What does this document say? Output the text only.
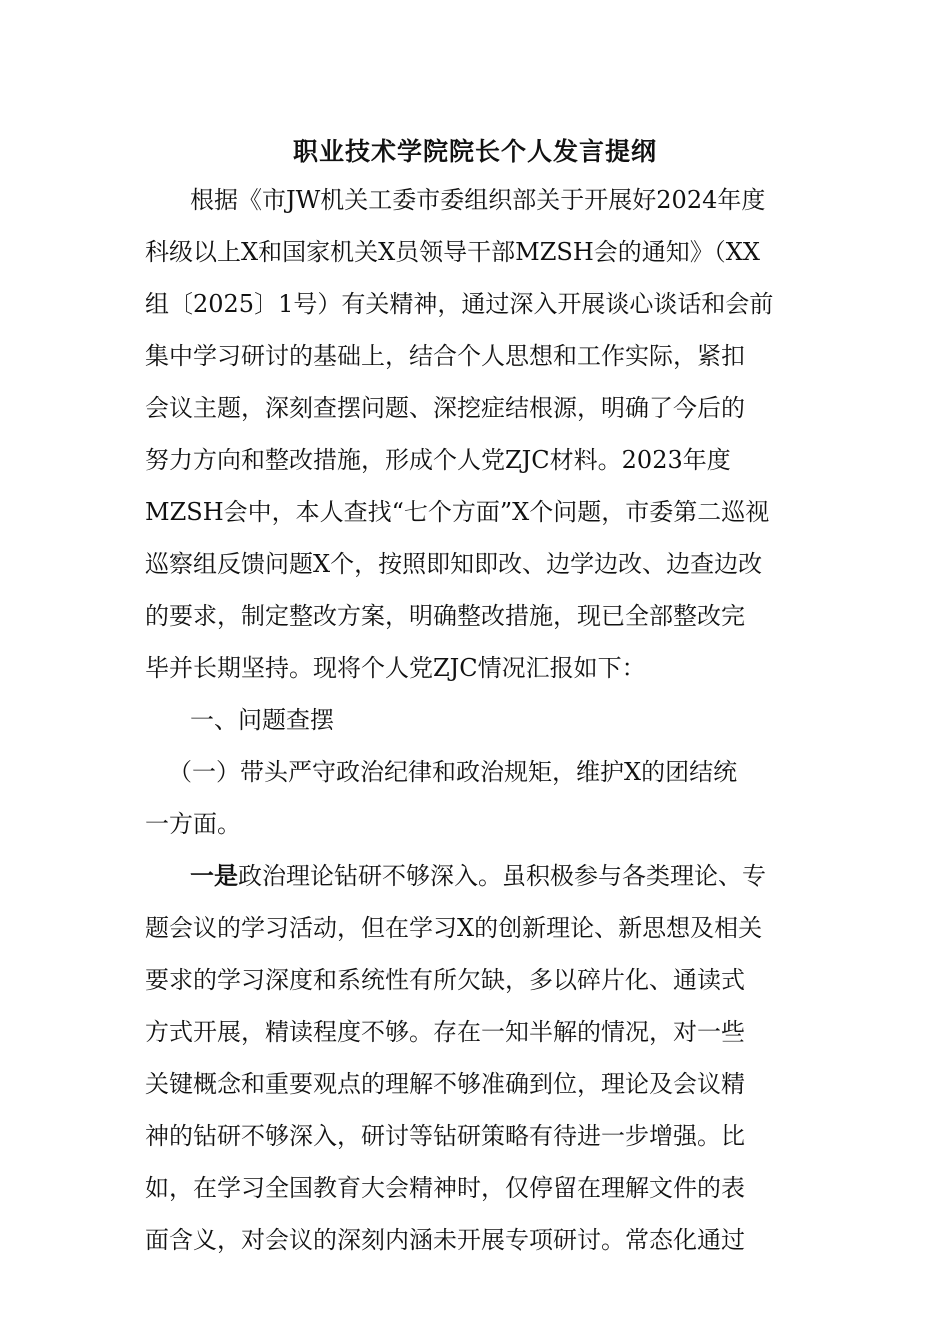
职业技术学院院长个人发言提纲
根据《市JW机关工委市委组织部关于开展好2024年度
科级以上X和国家机关X员领导干部MZSH会的通知》（XX
组〔2025〕1号）有关精神，通过深入开展谈心谈话和会前
集中学习研讨的基础上，结合个人思想和工作实际，紧扣
会议主题，深刻查摆问题、深挖症结根源，明确了今后的
努力方向和整改措施，形成个人党ZJC材料。2023年度
MZSH会中，本人查找“七个方面”X个问题，市委第二巡视
巡察组反馈问题X个，按照即知即改、边学边改、边查边改
的要求，制定整改方案，明确整改措施，现已全部整改完
毕并长期坚持。现将个人党ZJC情况汇报如下：
一、问题查摆
（一）带头严守政治纪律和政治规矩，维护X的团结统
一方面。
一是政治理论钻研不够深入。虽积极参与各类理论、专
题会议的学习活动，但在学习X的创新理论、新思想及相关
要求的学习深度和系统性有所欠缺，多以碎片化、通读式
方式开展，精读程度不够。存在一知半解的情况，对一些
关键概念和重要观点的理解不够准确到位，理论及会议精
神的钻研不够深入，研讨等钻研策略有待进一步增强。比
如，在学习全国教育大会精神时，仅停留在理解文件的表
面含义，对会议的深刻内涵未开展专项研讨。常态化通过
